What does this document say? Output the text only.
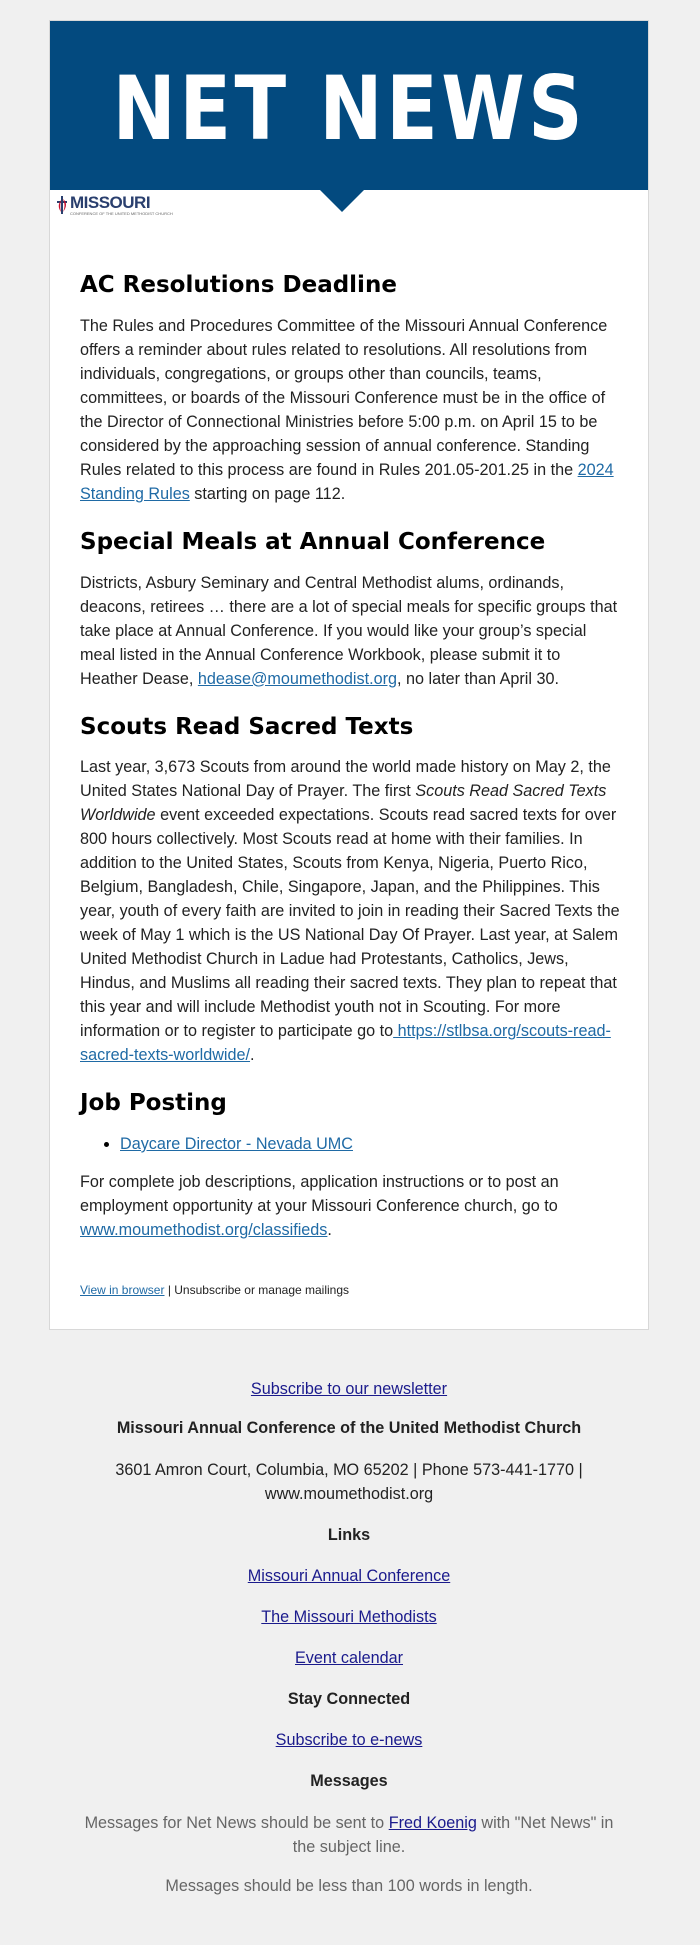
NET NEWS
MISSOURI
CONFERENCE OF THE UNITED METHODIST CHURCH
AC Resolutions Deadline

The Rules and Procedures Committee of the Missouri Annual Conference offers a reminder about rules related to resolutions. All resolutions from individuals, congregations, or groups other than councils, teams, committees, or boards of the Missouri Conference must be in the office of the Director of Connectional Ministries before 5:00 p.m. on April 15 to be considered by the approaching session of annual conference. Standing Rules related to this process are found in Rules 201.05-201.25 in the 2024 Standing Rules starting on page 112.

Special Meals at Annual Conference

Districts, Asbury Seminary and Central Methodist alums, ordinands, deacons, retirees … there are a lot of special meals for specific groups that take place at Annual Conference. If you would like your group’s special meal listed in the Annual Conference Workbook, please submit it to Heather Dease, hdease@moumethodist.org, no later than April 30.

Scouts Read Sacred Texts

Last year, 3,673 Scouts from around the world made history on May 2, the United States National Day of Prayer. The first Scouts Read Sacred Texts Worldwide event exceeded expectations. Scouts read sacred texts for over 800 hours collectively. Most Scouts read at home with their families. In addition to the United States, Scouts from Kenya, Nigeria, Puerto Rico, Belgium, Bangladesh, Chile, Singapore, Japan, and the Philippines. This year, youth of every faith are invited to join in reading their Sacred Texts the week of May 1 which is the US National Day Of Prayer. Last year, at Salem United Methodist Church in Ladue had Protestants, Catholics, Jews, Hindus, and Muslims all reading their sacred texts. They plan to repeat that this year and will include Methodist youth not in Scouting. For more information or to register to participate go to https://stlbsa.org/scouts-read-sacred-texts-worldwide/.

Job Posting
• Daycare Director - Nevada UMC

For complete job descriptions, application instructions or to post an employment opportunity at your Missouri Conference church, go to www.moumethodist.org/classifieds.

View in browser | Unsubscribe or manage mailings

Subscribe to our newsletter

Missouri Annual Conference of the United Methodist Church

3601 Amron Court, Columbia, MO 65202 | Phone 573-441-1770 | www.moumethodist.org

Links

Missouri Annual Conference

The Missouri Methodists

Event calendar

Stay Connected

Subscribe to e-news

Messages

Messages for Net News should be sent to Fred Koenig with "Net News" in the subject line.

Messages should be less than 100 words in length.
